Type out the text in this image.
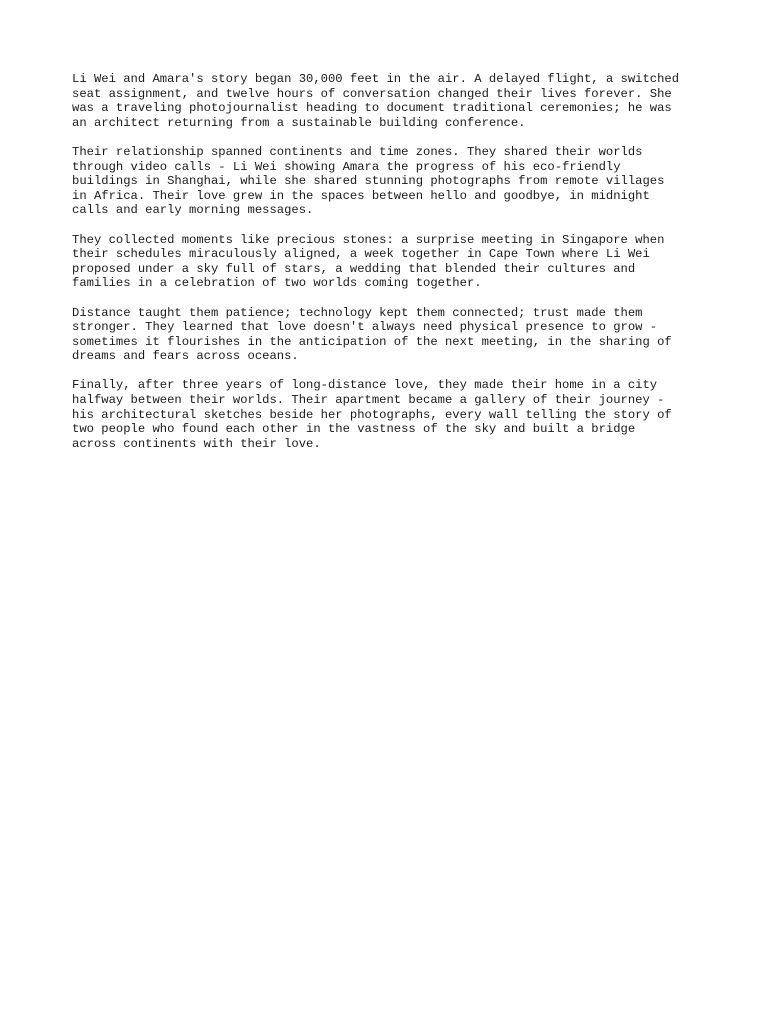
Li Wei and Amara's story began 30,000 feet in the air. A delayed flight, a switched
seat assignment, and twelve hours of conversation changed their lives forever. She
was a traveling photojournalist heading to document traditional ceremonies; he was
an architect returning from a sustainable building conference.

Their relationship spanned continents and time zones. They shared their worlds
through video calls - Li Wei showing Amara the progress of his eco-friendly
buildings in Shanghai, while she shared stunning photographs from remote villages
in Africa. Their love grew in the spaces between hello and goodbye, in midnight
calls and early morning messages.

They collected moments like precious stones: a surprise meeting in Singapore when
their schedules miraculously aligned, a week together in Cape Town where Li Wei
proposed under a sky full of stars, a wedding that blended their cultures and
families in a celebration of two worlds coming together.

Distance taught them patience; technology kept them connected; trust made them
stronger. They learned that love doesn't always need physical presence to grow -
sometimes it flourishes in the anticipation of the next meeting, in the sharing of
dreams and fears across oceans.

Finally, after three years of long-distance love, they made their home in a city
halfway between their worlds. Their apartment became a gallery of their journey -
his architectural sketches beside her photographs, every wall telling the story of
two people who found each other in the vastness of the sky and built a bridge
across continents with their love.
